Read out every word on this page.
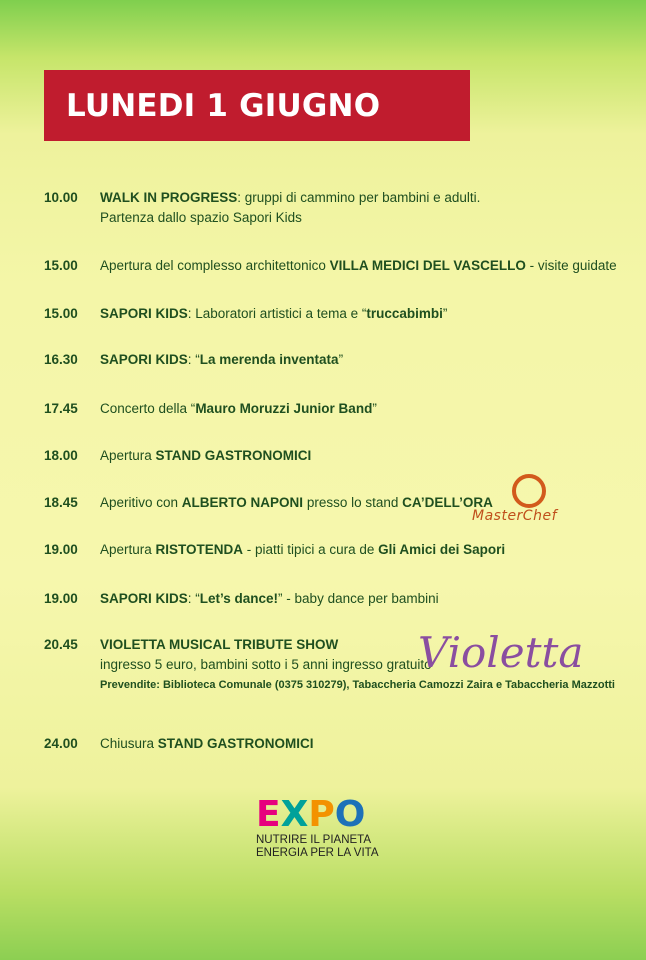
LUNEDI 1 GIUGNO
10.00	WALK IN PROGRESS: gruppi di cammino per bambini e adulti.
Partenza dallo spazio Sapori Kids
15.00	Apertura del complesso architettonico VILLA MEDICI DEL VASCELLO - visite guidate
15.00	SAPORI KIDS: Laboratori artistici a tema e “truccabimbi”
16.30	SAPORI KIDS: “La merenda inventata”
17.45	Concerto della “Mauro Moruzzi Junior Band”
18.00	Apertura STAND GASTRONOMICI
18.45	Aperitivo con ALBERTO NAPONI presso lo stand CA’DELL’ORA
19.00	Apertura RISTOTENDA - piatti tipici a cura de Gli Amici dei Sapori
19.00	SAPORI KIDS: “Let’s dance!” - baby dance per bambini
20.45	VIOLETTA MUSICAL TRIBUTE SHOW
ingresso 5 euro, bambini sotto i 5 anni ingresso gratuito
Prevendite: Biblioteca Comunale (0375 310279), Tabaccheria Camozzi Zaira e Tabaccheria Mazzotti
24.00	Chiusura STAND GASTRONOMICI
MasterChef
Violetta
E X P O
NUTRIRE IL PIANETA
ENERGIA PER LA VITA
